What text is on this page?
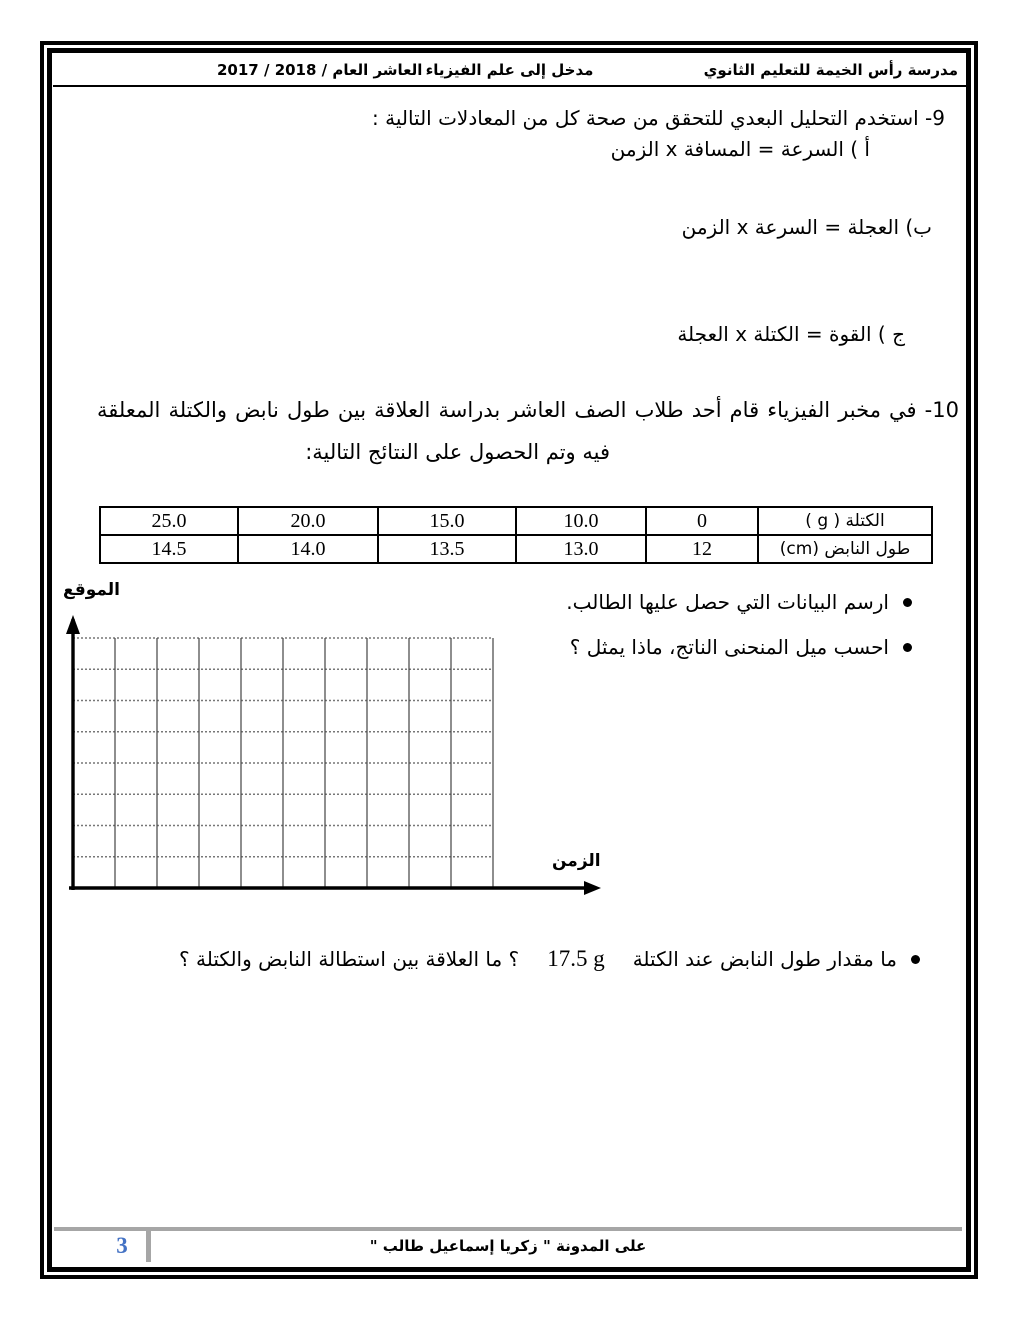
مدرسة رأس الخيمة للتعليم الثانوي
مدخل إلى علم الفيزياء
العاشر العام / 2018 / 2017
9- استخدم التحليل البعدي للتحقق من صحة كل من المعادلات التالية :
أ ) السرعة = المسافة x الزمن
ب) العجلة = السرعة x الزمن
ج ) القوة = الكتلة x العجلة
10- في مخبر الفيزياء قام أحد طلاب الصف العاشر بدراسة العلاقة بين طول نابض والكتلة المعلقة
فيه وتم الحصول على النتائج التالية:
25.0	20.0	15.0	10.0	0	الكتلة ( g )
14.5	14.0	13.5	13.0	12	طول النابض (cm)
ارسم البيانات التي حصل عليها الطالب.
احسب ميل المنحنى الناتج، ماذا يمثل ؟
الموقع
الزمن
ما مقدار طول النابض عند الكتلة
17.5 g
؟ ما العلاقة بين استطالة النابض والكتلة ؟
3	على المدونة " زكريا إسماعيل طالب "
